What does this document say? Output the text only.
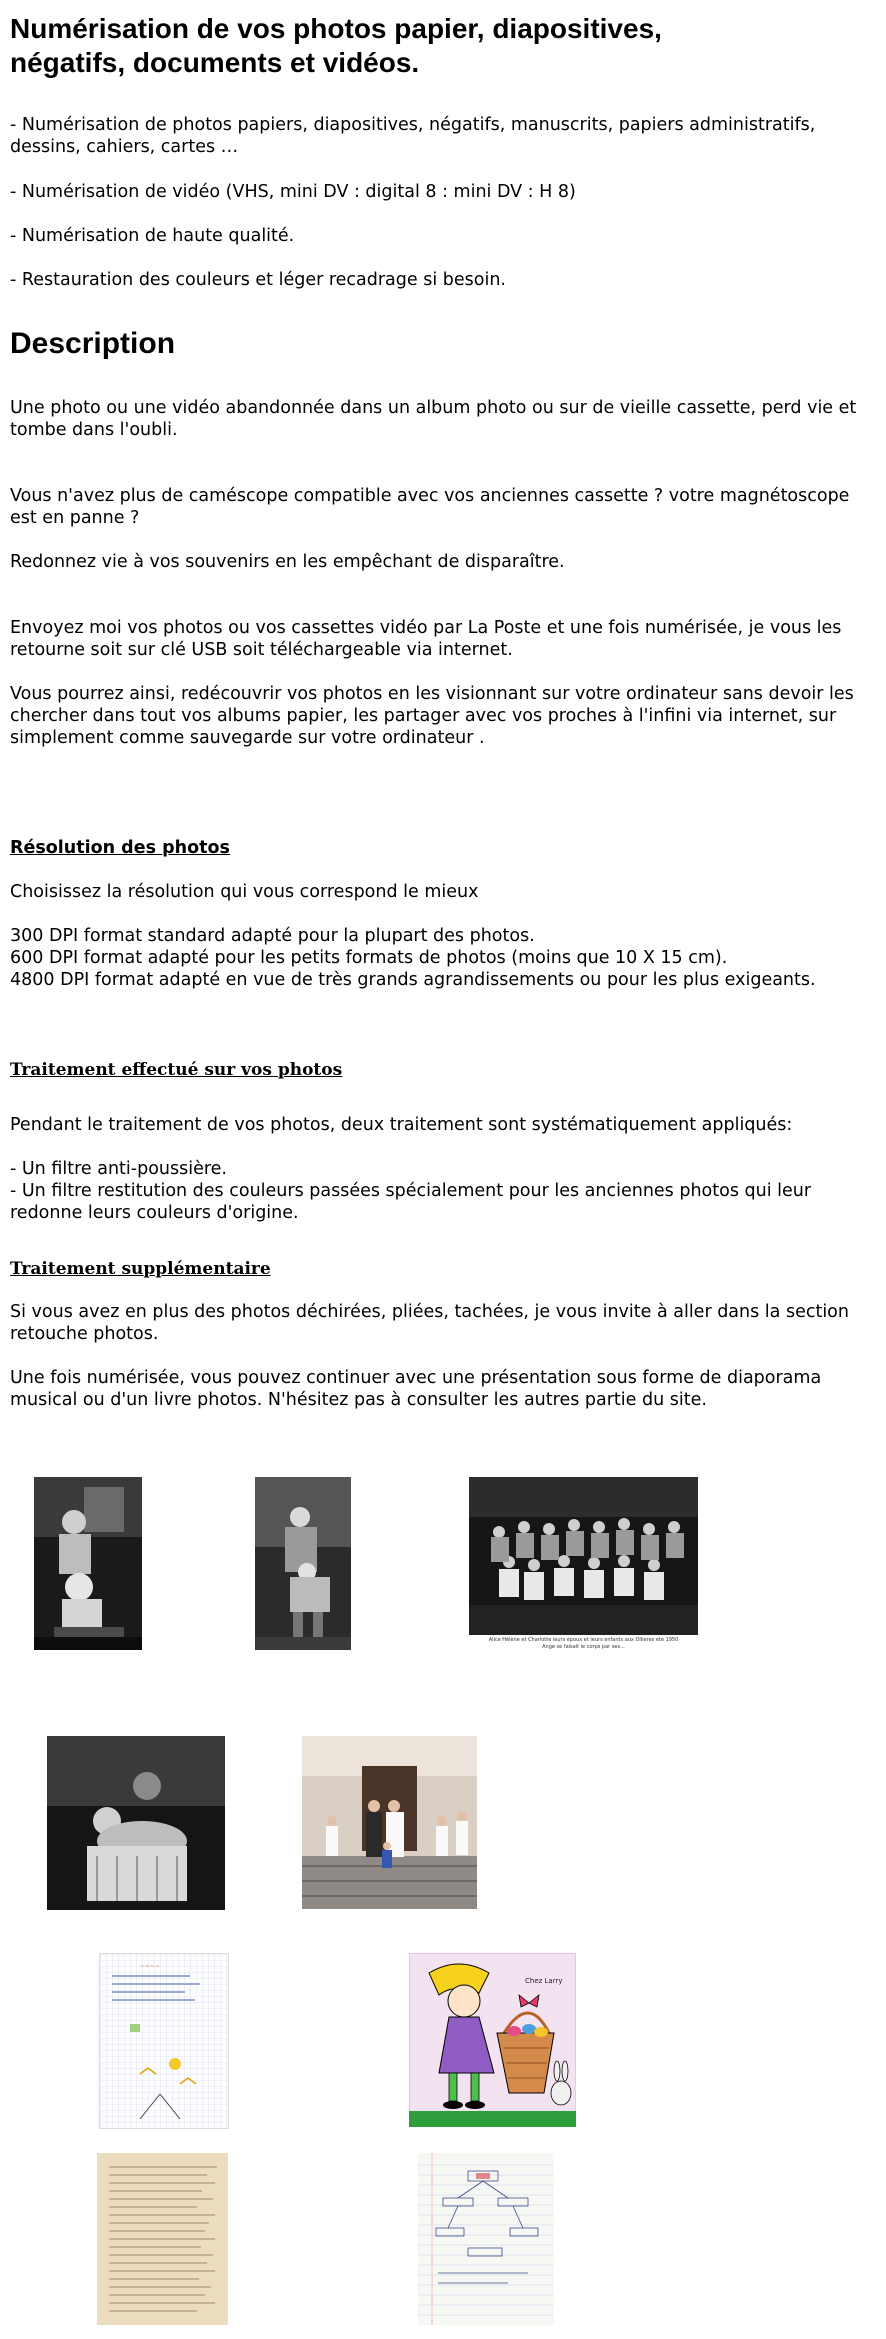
Numérisation de vos photos papier, diapositives, négatifs, documents et vidéos.

- Numérisation de photos papiers, diapositives, négatifs, manuscrits, papiers administratifs, dessins, cahiers, cartes …

- Numérisation de vidéo (VHS, mini DV : digital 8 : mini DV : H 8)

- Numérisation de haute qualité.

- Restauration des couleurs et léger recadrage si besoin.

Description

Une photo ou une vidéo abandonnée dans un album photo ou sur de vieille cassette, perd vie et tombe dans l'oubli.

Vous n'avez plus de caméscope compatible avec vos anciennes cassette ? votre magnétoscope est en panne ?

Redonnez vie à vos souvenirs en les empêchant de disparaître.

Envoyez moi vos photos ou vos cassettes vidéo par La Poste et une fois numérisée, je vous les retourne soit sur clé USB soit téléchargeable via internet.

Vous pourrez ainsi, redécouvrir vos photos en les visionnant sur votre ordinateur sans devoir les chercher dans tout vos albums papier, les partager avec vos proches à l'infini via internet, sur simplement comme sauvegarde sur votre ordinateur .

Résolution des photos

Choisissez la résolution qui vous correspond le mieux

300 DPI format standard adapté pour la plupart des photos.

600 DPI format adapté pour les petits formats de photos (moins que 10 X 15 cm).

4800 DPI format adapté en vue de très grands agrandissements ou pour les plus exigeants.

Traitement effectué sur vos photos

Pendant le traitement de vos photos, deux traitement sont systématiquement appliqués:

- Un filtre anti-poussière.

- Un filtre restitution des couleurs passées spécialement pour les anciennes photos qui leur redonne leurs couleurs d'origine.

Traitement supplémentaire

Si vous avez en plus des photos déchirées, pliées, tachées, je vous invite à aller dans la section retouche photos.

Une fois numérisée, vous pouvez continuer avec une présentation sous forme de diaporama musical ou d'un livre photos. N'hésitez pas à consulter les autres partie du site.

Alice Hélène et Charlotte leurs époux et leurs enfants aux Ollières été 1950
Ange se faisait le corps par ses...
~~~~
Chez Larry
